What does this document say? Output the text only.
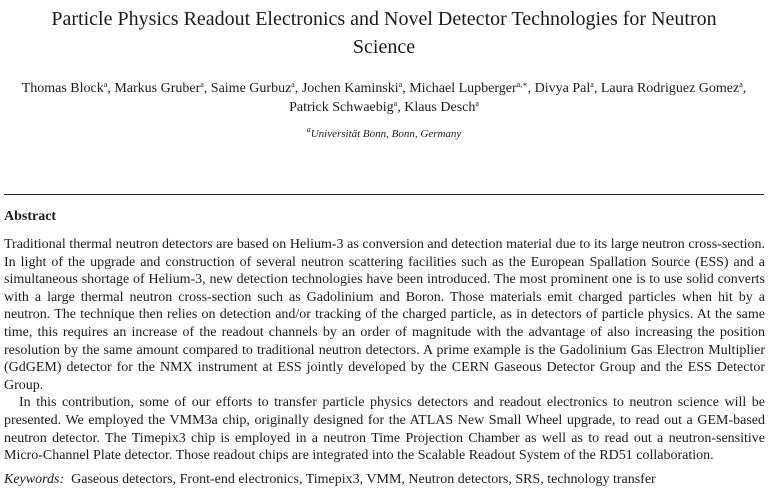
Particle Physics Readout Electronics and Novel Detector Technologies for Neutron Science
Thomas Block$^a$, Markus Gruber$^a$, Saime Gurbuz$^a$, Jochen Kaminski$^a$, Michael Lupberger$^{a,∗}$, Divya Pal$^a$, Laura Rodriguez Gomez$^a$, Patrick Schwaebig$^a$, Klaus Desch$^a$
$^a$Universität Bonn, Bonn, Germany
Abstract

Traditional thermal neutron detectors are based on Helium-3 as conversion and detection material due to its large neutron cross-section. In light of the upgrade and construction of several neutron scattering facilities such as the European Spallation Source (ESS) and a simultaneous shortage of Helium-3, new detection technologies have been introduced. The most prominent one is to use solid converts with a large thermal neutron cross-section such as Gadolinium and Boron. Those materials emit charged particles when hit by a neutron. The technique then relies on detection and/or tracking of the charged particle, as in detectors of particle physics. At the same time, this requires an increase of the readout channels by an order of magnitude with the advantage of also increasing the position resolution by the same amount compared to traditional neutron detectors. A prime example is the Gadolinium Gas Electron Multiplier (GdGEM) detector for the NMX instrument at ESS jointly developed by the CERN Gaseous Detector Group and the ESS Detector Group.

In this contribution, some of our efforts to transfer particle physics detectors and readout electronics to neutron science will be presented. We employed the VMM3a chip, originally designed for the ATLAS New Small Wheel upgrade, to read out a GEM-based neutron detector. The Timepix3 chip is employed in a neutron Time Projection Chamber as well as to read out a neutron-sensitive Micro-Channel Plate detector. Those readout chips are integrated into the Scalable Readout System of the RD51 collaboration.

Keywords: Gaseous detectors, Front-end electronics, Timepix3, VMM, Neutron detectors, SRS, technology transfer
